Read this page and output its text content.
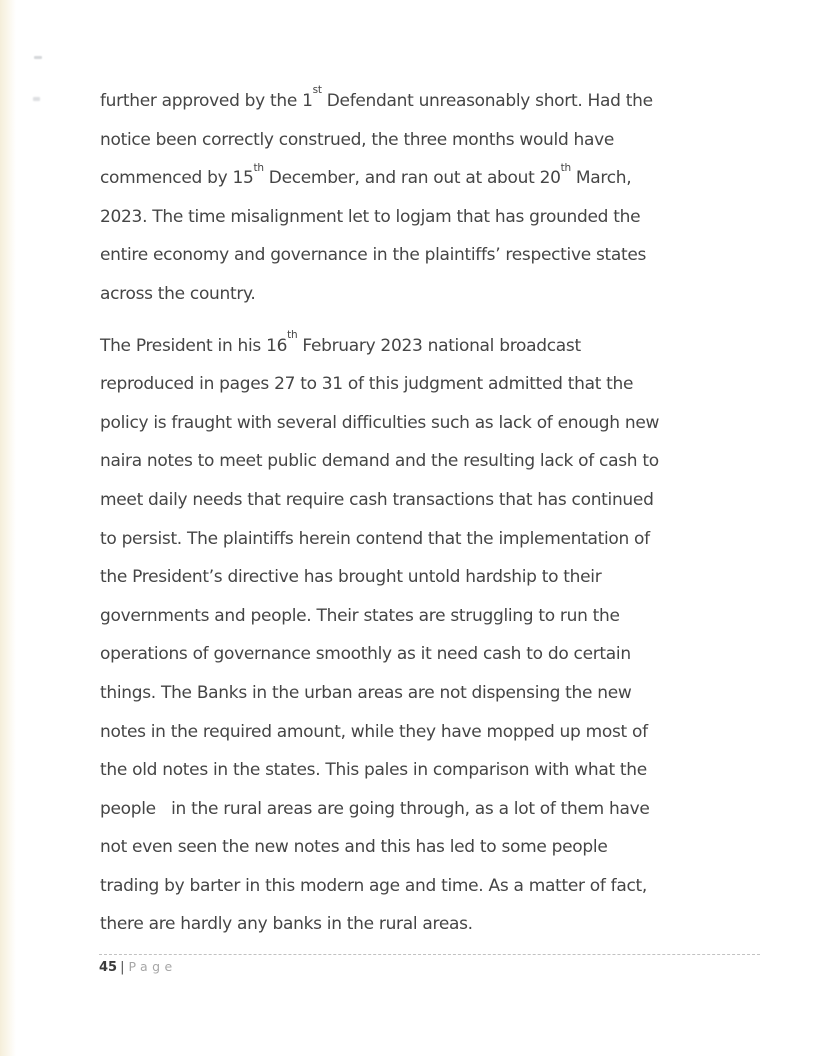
further approved by the 1st Defendant unreasonably short. Had the
notice been correctly construed, the three months would have
commenced by 15th December, and ran out at about 20th March,
2023. The time misalignment let to logjam that has grounded the
entire economy and governance in the plaintiffs’ respective states
across the country.
The President in his 16th February 2023 national broadcast
reproduced in pages 27 to 31 of this judgment admitted that the
policy is fraught with several difficulties such as lack of enough new
naira notes to meet public demand and the resulting lack of cash to
meet daily needs that require cash transactions that has continued
to persist. The plaintiffs herein contend that the implementation of
the President’s directive has brought untold hardship to their
governments and people. Their states are struggling to run the
operations of governance smoothly as it need cash to do certain
things. The Banks in the urban areas are not dispensing the new
notes in the required amount, while they have mopped up most of
the old notes in the states. This pales in comparison with what the
people   in the rural areas are going through, as a lot of them have
not even seen the new notes and this has led to some people
trading by barter in this modern age and time. As a matter of fact,
there are hardly any banks in the rural areas.
45 | Page
